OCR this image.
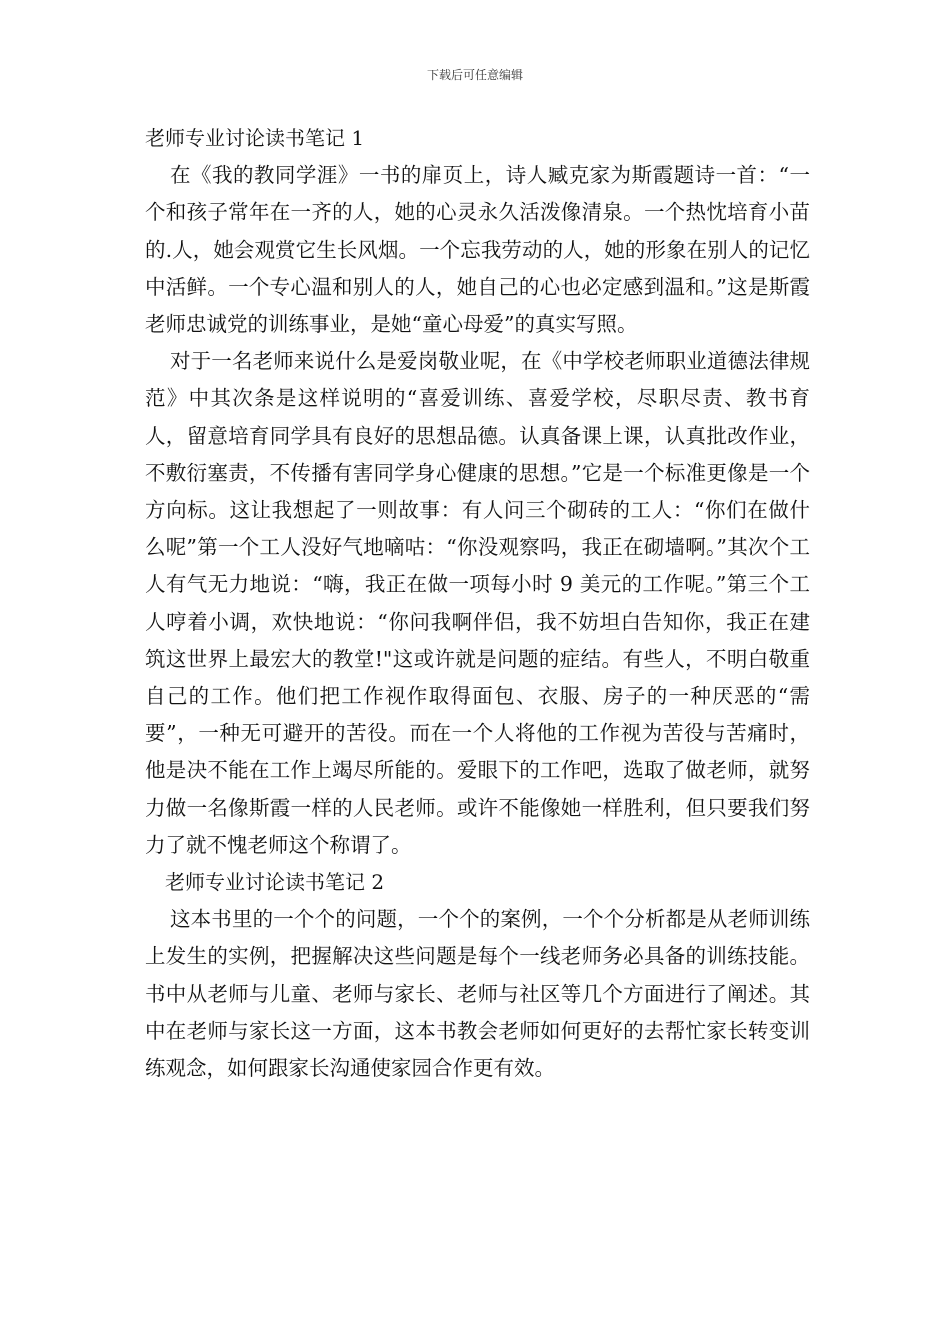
下载后可任意编辑

老师专业讨论读书笔记 1

在《我的教同学涯》一书的扉页上，诗人臧克家为斯霞题诗一首：“一个和孩子常年在一齐的人，她的心灵永久活泼像清泉。一个热忱培育小苗的.人，她会观赏它生长风烟。一个忘我劳动的人，她的形象在别人的记忆中活鲜。一个专心温和别人的人，她自己的心也必定感到温和。”这是斯霞老师忠诚党的训练事业，是她“童心母爱”的真实写照。

对于一名老师来说什么是爱岗敬业呢，在《中学校老师职业道德法律规范》中其次条是这样说明的“喜爱训练、喜爱学校，尽职尽责、教书育人，留意培育同学具有良好的思想品德。认真备课上课，认真批改作业，不敷衍塞责，不传播有害同学身心健康的思想。”它是一个标准更像是一个方向标。这让我想起了一则故事：有人问三个砌砖的工人：“你们在做什么呢”第一个工人没好气地嘀咕：“你没观察吗，我正在砌墙啊。”其次个工人有气无力地说：“嗨，我正在做一项每小时 9 美元的工作呢。”第三个工人哼着小调，欢快地说：“你问我啊伴侣，我不妨坦白告知你，我正在建筑这世界上最宏大的教堂!"这或许就是问题的症结。有些人，不明白敬重自己的工作。他们把工作视作取得面包、衣服、房子的一种厌恶的“需要”，一种无可避开的苦役。而在一个人将他的工作视为苦役与苦痛时，他是决不能在工作上竭尽所能的。爱眼下的工作吧，选取了做老师，就努力做一名像斯霞一样的人民老师。或许不能像她一样胜利，但只要我们努力了就不愧老师这个称谓了。

老师专业讨论读书笔记 2

这本书里的一个个的问题，一个个的案例，一个个分析都是从老师训练上发生的实例，把握解决这些问题是每个一线老师务必具备的训练技能。书中从老师与儿童、老师与家长、老师与社区等几个方面进行了阐述。其中在老师与家长这一方面，这本书教会老师如何更好的去帮忙家长转变训练观念，如何跟家长沟通使家园合作更有效。
